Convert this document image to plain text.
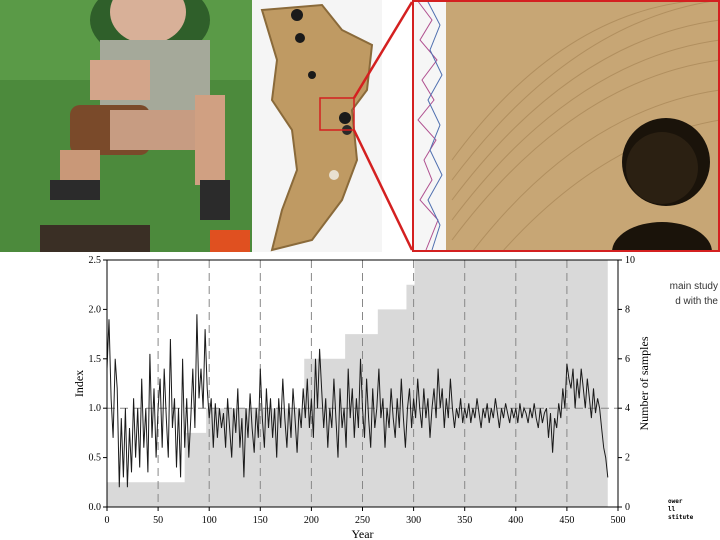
main study
d with the
ower
ll
stitute
0	50	100	150	200	250	300	350	400	450	500
0.0
0.5
1.0
1.5
2.0
2.5
0
2
4
6
8
10
Year
Index	Number of samples
